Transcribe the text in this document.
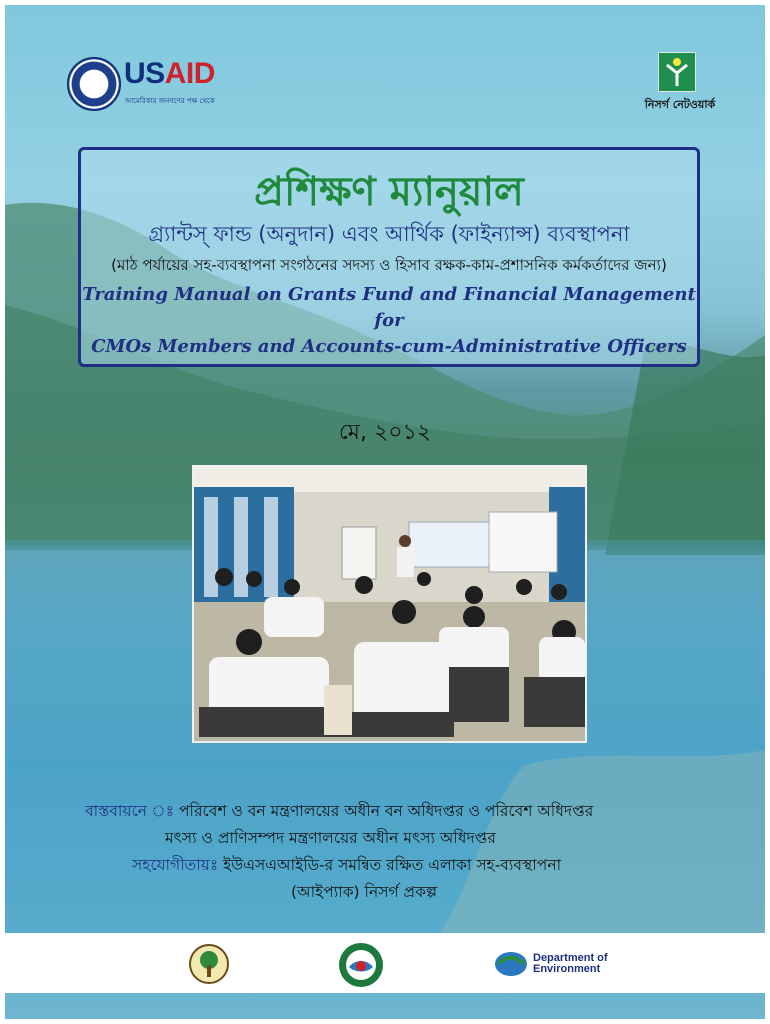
USAID
আমেরিকার জনগণের পক্ষ থেকে	নিসর্গ নেটওয়ার্ক
প্রশিক্ষণ ম্যানুয়াল
গ্র্যান্টস্ ফান্ড (অনুদান) এবং আর্থিক (ফাইন্যান্স) ব্যবস্থাপনা
(মাঠ পর্যায়ের সহ-ব্যবস্থাপনা সংগঠনের সদস্য ও হিসাব রক্ষক-কাম-প্রশাসনিক কর্মকর্তাদের জন্য)
Training Manual on Grants Fund and Financial Management for
CMOs Members and Accounts-cum-Administrative Officers
মে, ২০১২
বাস্তবায়নে ঃ পরিবেশ ও বন মন্ত্রণালয়ের অধীন বন অধিদপ্তর ও পরিবেশ অধিদপ্তর
মৎস্য ও প্রাণিসম্পদ মন্ত্রণালয়ের অধীন মৎস্য অধিদপ্তর
সহযোগীতায়ঃ ইউএসএআইডি-র সমন্বিত রক্ষিত এলাকা সহ-ব্যবস্থাপনা
(আইপ্যাক) নিসর্গ প্রকল্প
Department of
Environment
